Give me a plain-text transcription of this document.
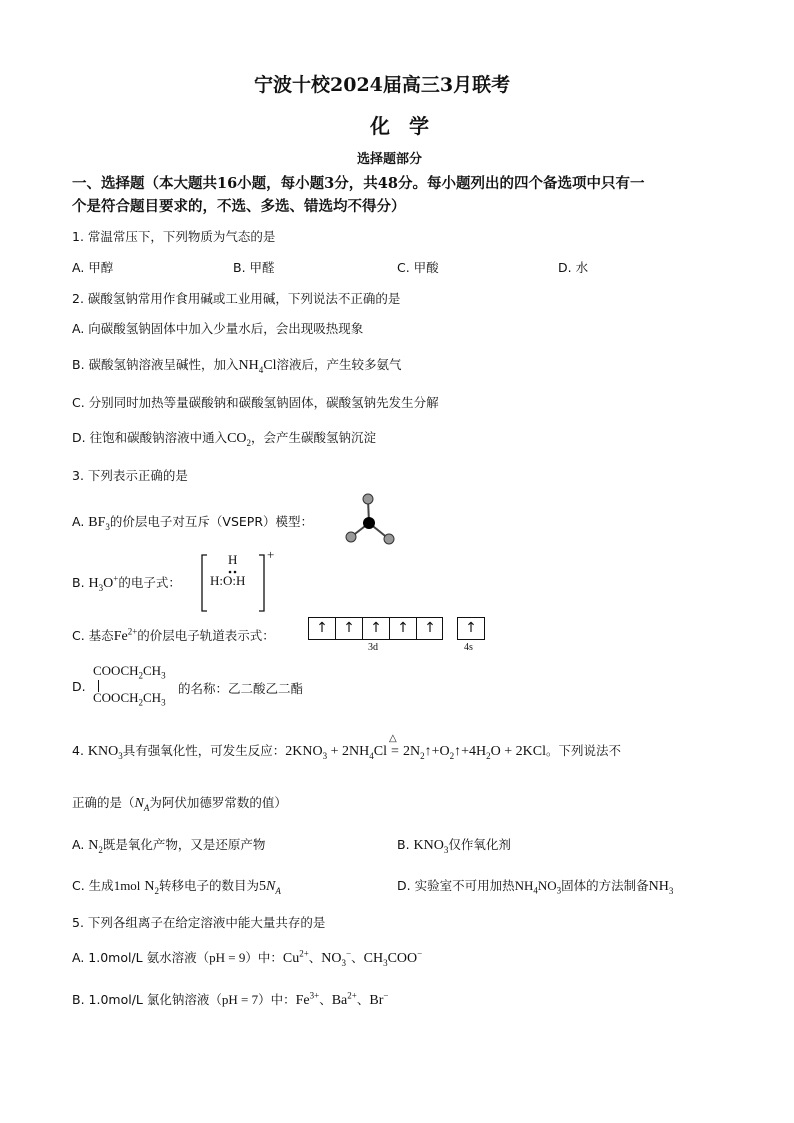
宁波十校2024届高三3月联考
化 学
选择题部分
一、选择题（本大题共16小题，每小题3分，共48分。每小题列出的四个备选项中只有一
个是符合题目要求的，不选、多选、错选均不得分）
1. 常温常压下，下列物质为气态的是
A. 甲醇	B. 甲醛	C. 甲酸	D. 水
2. 碳酸氢钠常用作食用碱或工业用碱，下列说法不正确的是
A. 向碳酸氢钠固体中加入少量水后，会出现吸热现象
B. 碳酸氢钠溶液呈碱性，加入$NH_4Cl$溶液后，产生较多氨气
C. 分别同时加热等量碳酸钠和碳酸氢钠固体，碳酸氢钠先发生分解
D. 往饱和碳酸钠溶液中通入$CO_2$，会产生碳酸氢钠沉淀
3. 下列表示正确的是
A. $BF_3$的价层电子对互斥（VSEPR）模型：
B. $H_3O^+$的电子式：
H
H:O:H
+
C. 基态$Fe^{2+}$的价层电子轨道表示式：	↑	↑	↑	↑	↑	↑
3d	4s
D.
$COOCH_2CH_3$
$COOCH_2CH_3$
的名称：乙二酸乙二酯
4. $KNO_3$具有强氧化性，可发生反应：$2KNO_3 + 2NH_4Cl$
△
= $2N_2↑+O_2↑+4H_2O + 2KCl$。下列说法不
正确的是（$N_A$为阿伏加德罗常数的值）
A. $N_2$既是氧化产物，又是还原产物	B. $KNO_3$仅作氧化剂
C. 生成1mol $N_2$转移电子的数目为$5N_A$	D. 实验室不可用加热$NH_4NO_3$固体的方法制备$NH_3$
5. 下列各组离子在给定溶液中能大量共存的是
A. 1.0mol/L 氨水溶液（pH = 9）中：$Cu^{2+}$、$NO_3^-$、$CH_3COO^-$
B. 1.0mol/L 氯化钠溶液（pH = 7）中：$Fe^{3+}$、$Ba^{2+}$、Br−
